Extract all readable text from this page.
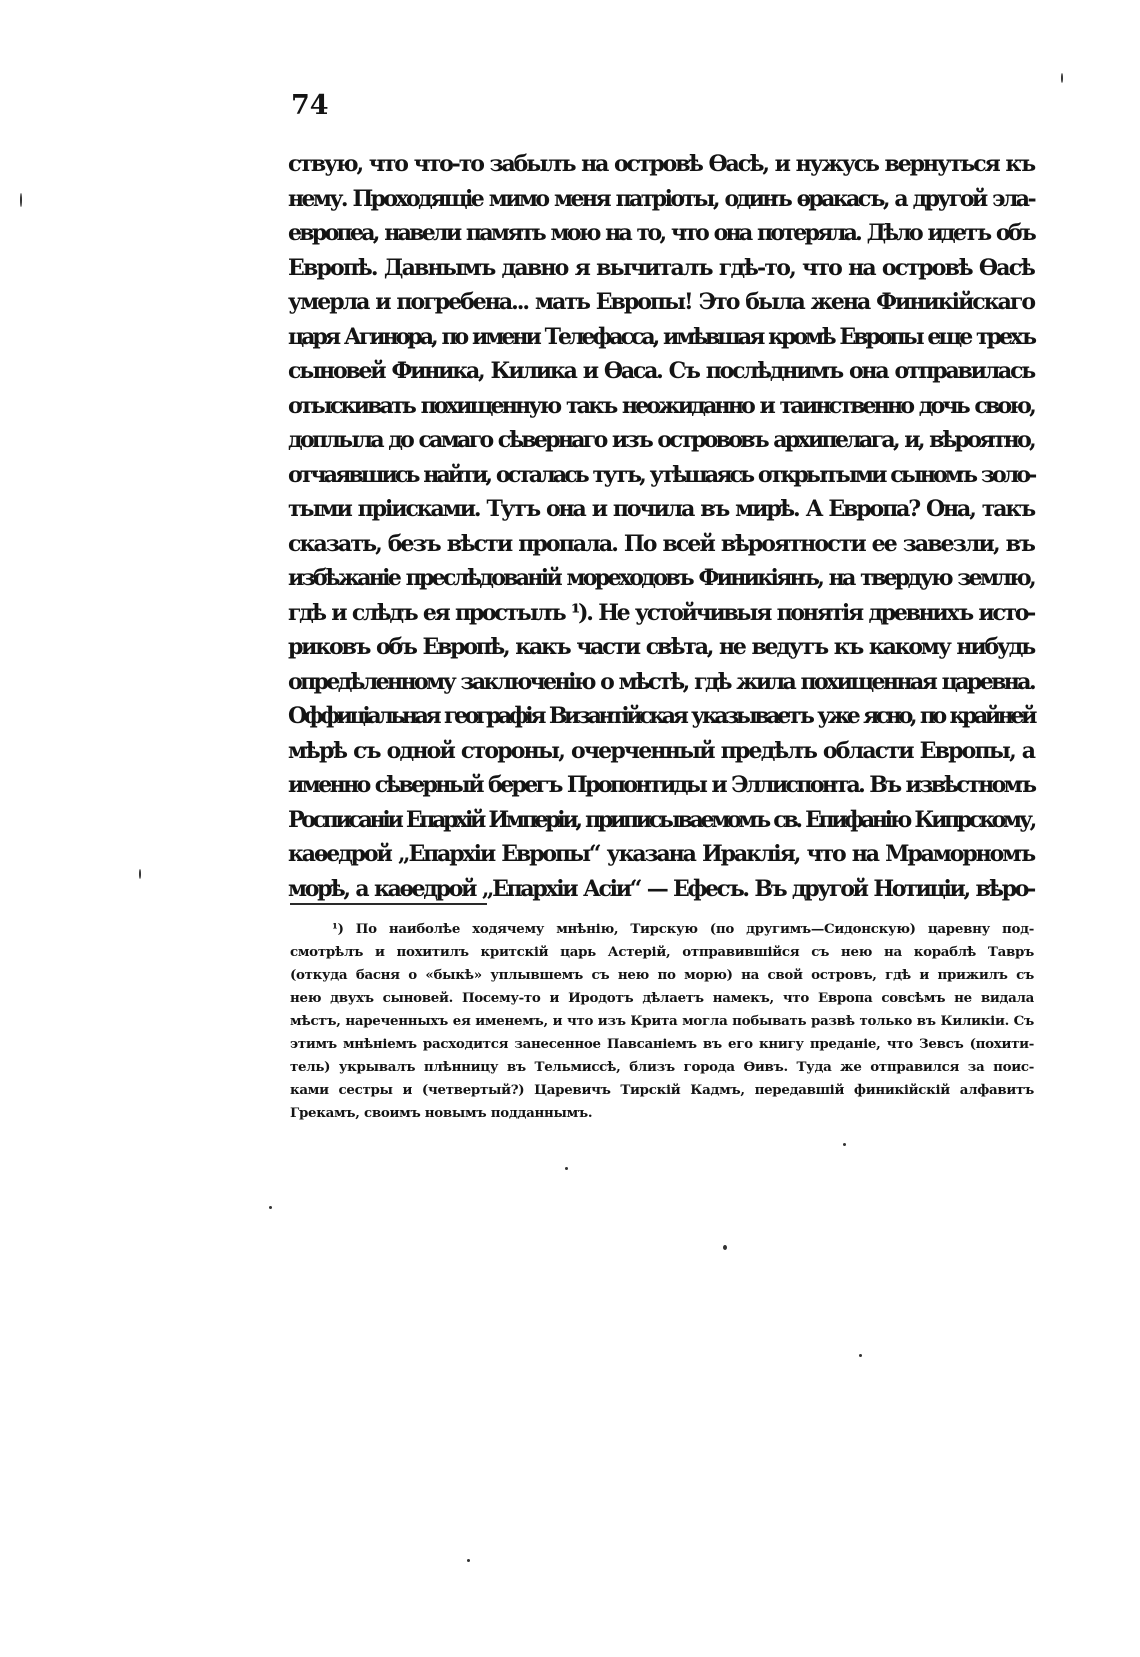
74
ствую, что что-то забылъ на островѣ Ѳасѣ, и нужусь вернуться къ
нему. Проходящіе мимо меня патріоты, одинъ ѳракасъ, а другой эла-
европеа, навели память мою на то, что она потеряла. Дѣло идетъ объ
Европѣ. Давнымъ давно я вычиталъ гдѣ-то, что на островѣ Ѳасѣ
умерла и погребена... мать Европы! Это была жена Финикійскаго
царя Агинора, по имени Телефасса, имѣвшая кромѣ Европы еще трехъ
сыновей Финика, Килика и Ѳаса. Съ послѣднимъ она отправилась
отыскивать похищенную такъ неожиданно и таинственно дочь свою,
доплыла до самаго сѣвернаго изъ острововъ архипелага, и, вѣроятно,
отчаявшись найти, осталась тутъ, утѣшаясь открытыми сыномъ золо-
тыми пріисками. Тутъ она и почила въ мирѣ. А Европа? Она, такъ
сказать, безъ вѣсти пропала. По всей вѣроятности ее завезли, въ
избѣжаніе преслѣдованій мореходовъ Финикіянъ, на твердую землю,
гдѣ и слѣдъ ея простылъ ¹). Не устойчивыя понятія древнихъ исто-
риковъ объ Европѣ, какъ части свѣта, не ведутъ къ какому нибудь
опредѣленному заключенію о мѣстѣ, гдѣ жила похищенная царевна.
Оффиціальная географія Византійская указываетъ уже ясно, по крайней
мѣрѣ съ одной стороны, очерченный предѣлъ области Европы, а
именно сѣверный берегъ Пропонтиды и Эллиспонта. Въ извѣстномъ
Росписаніи Епархій Имперіи, приписываемомъ св. Епифанію Кипрскому,
каѳедрой „Епархіи Европы“ указана Ираклія, что на Мраморномъ
морѣ, а каѳедрой „Епархіи Асіи“ — Ефесъ. Въ другой Нотиціи, вѣро-
¹) По наиболѣе ходячему мнѣнію, Тирскую (по другимъ—Сидонскую) царевну под-
смотрѣлъ и похитилъ критскій царь Астерій, отправившійся съ нею на кораблѣ Тавръ
(откуда басня о «быкѣ» уплывшемъ съ нею по морю) на свой островъ, гдѣ и прижилъ съ
нею двухъ сыновей. Посему-то и Иродотъ дѣлаетъ намекъ, что Европа совсѣмъ не видала
мѣстъ, нареченныхъ ея именемъ, и что изъ Крита могла побывать развѣ только въ Киликіи. Съ
этимъ мнѣніемъ расходится занесенное Павсаніемъ въ его книгу преданіе, что Зевсъ (похити-
тель) укрывалъ плѣнницу въ Тельмиссѣ, близъ города Ѳивъ. Туда же отправился за поис-
ками сестры и (четвертый?) Царевичъ Тирскій Кадмъ, передавшій финикійскій алфавитъ
Грекамъ, своимъ новымъ подданнымъ.
